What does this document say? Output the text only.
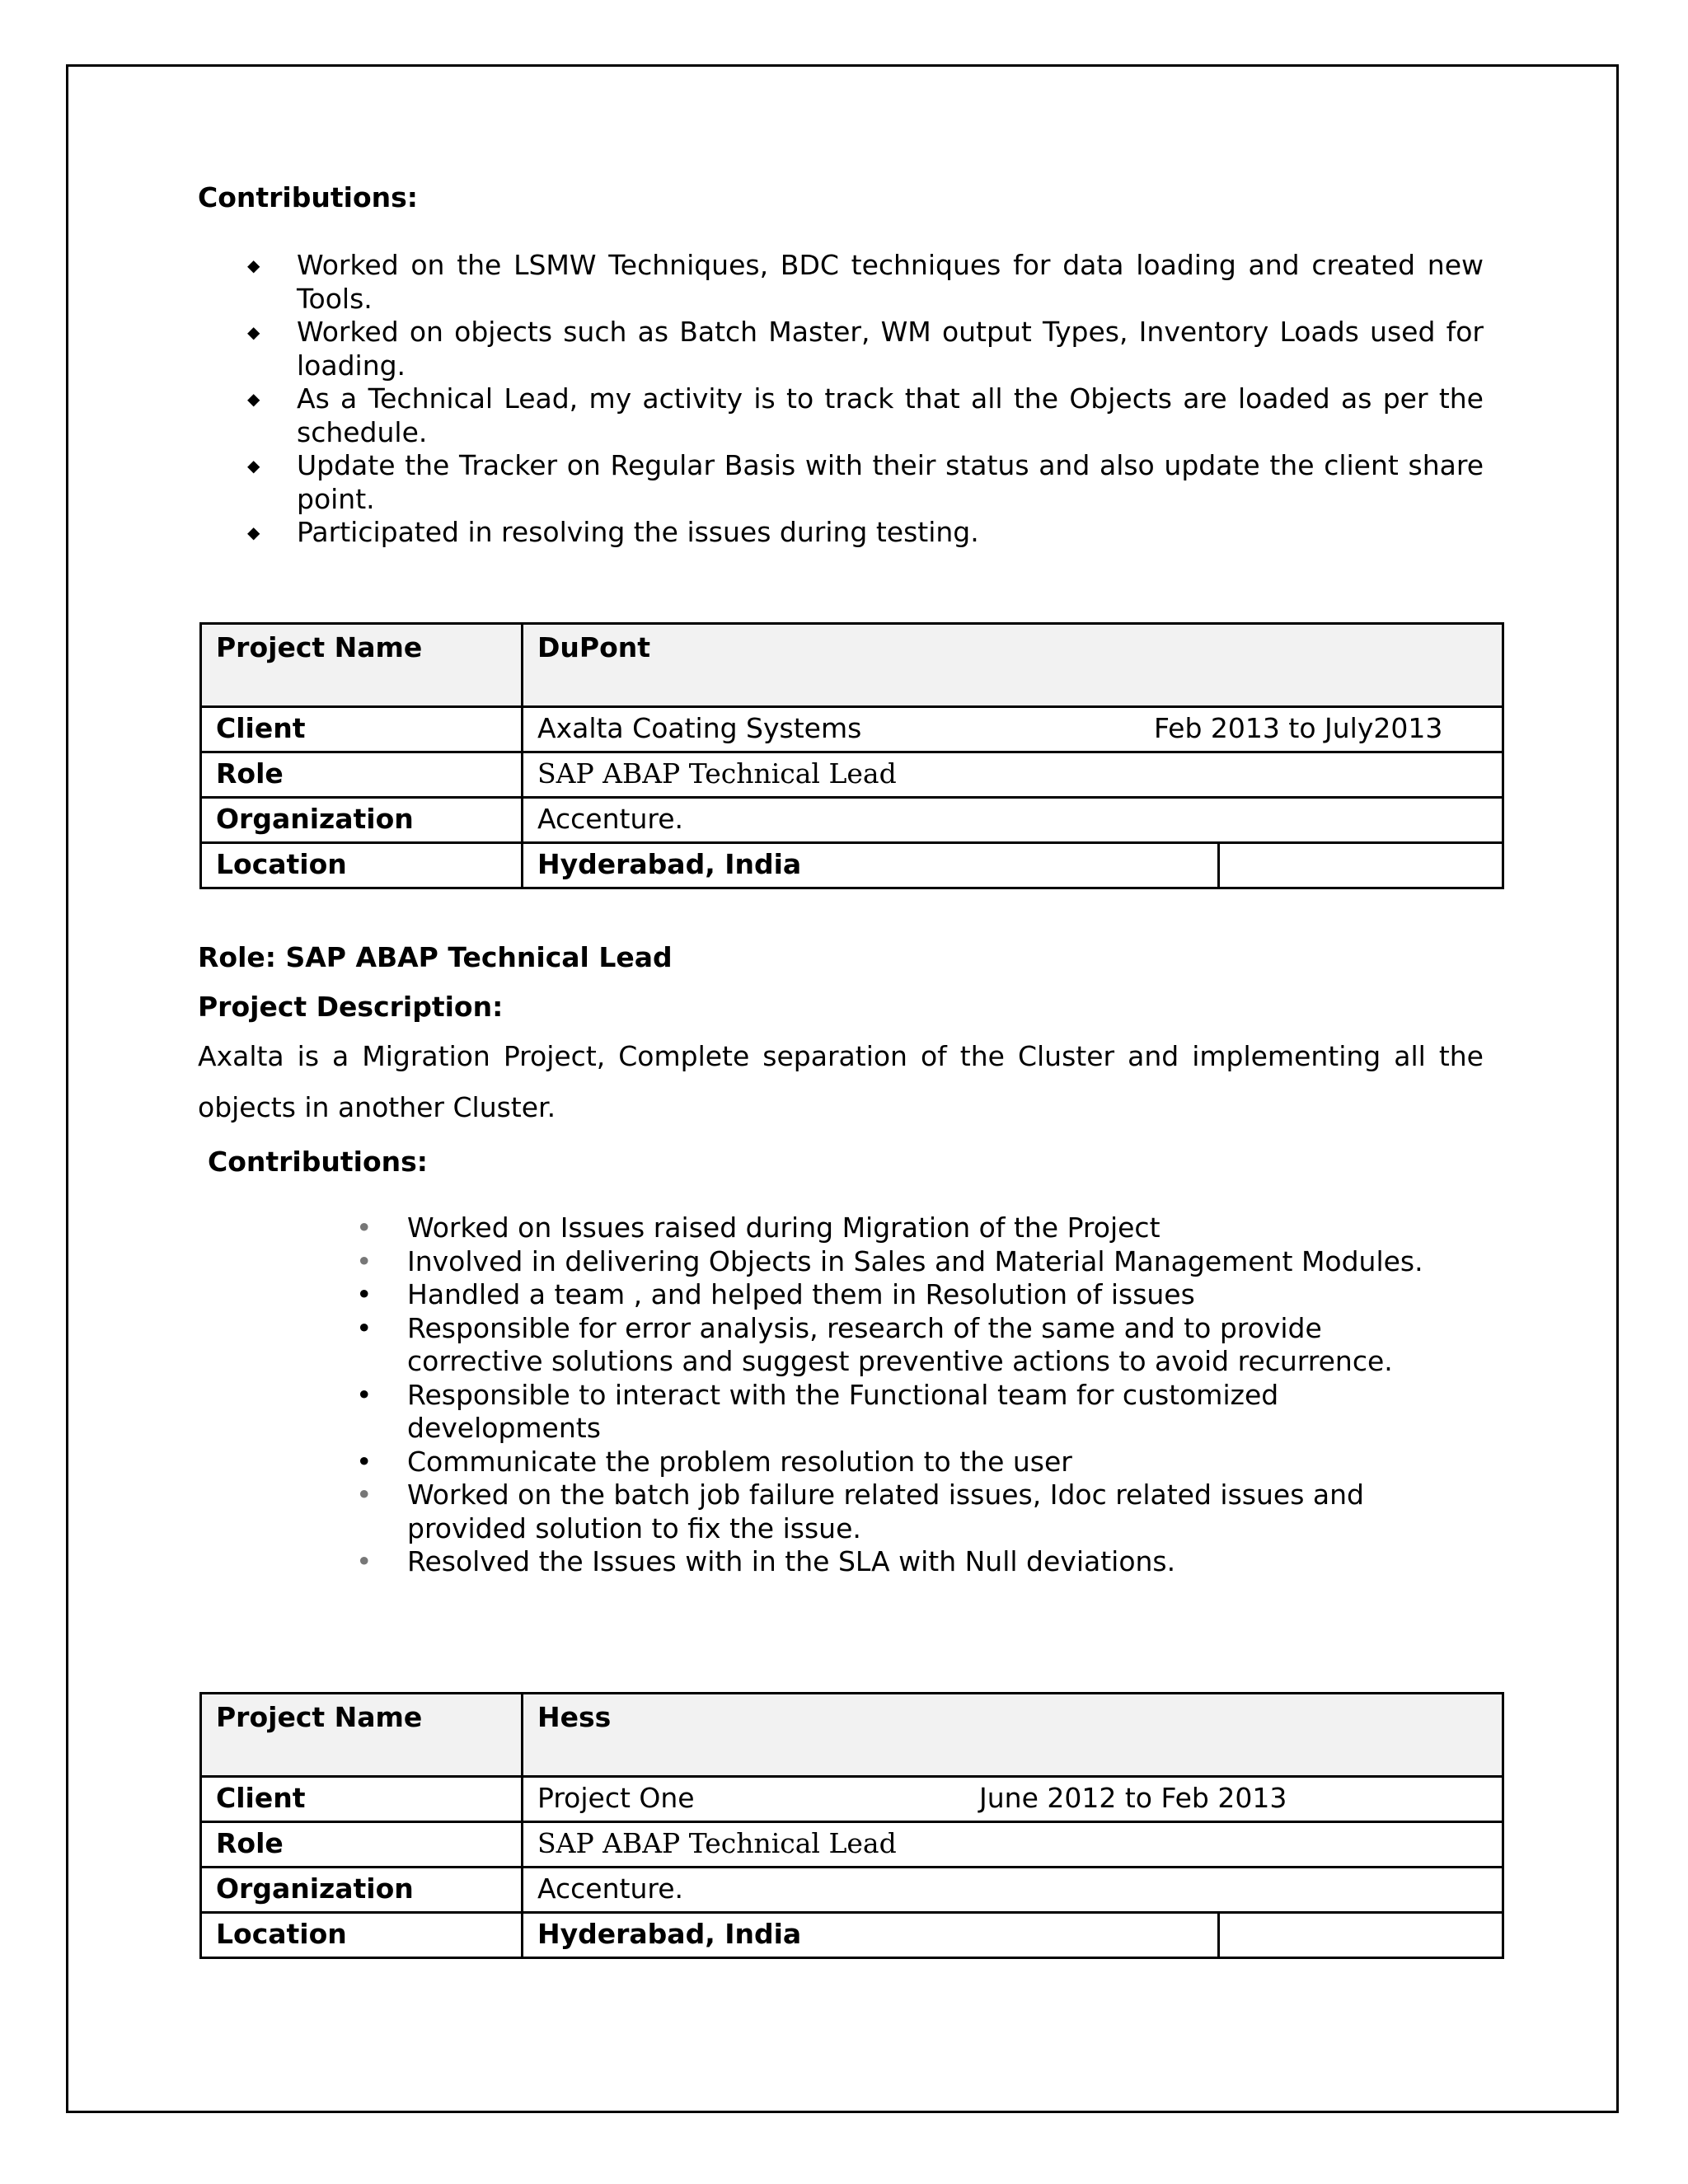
Contributions:
◆ Worked on the LSMW Techniques, BDC techniques for data loading and created new Tools.
◆ Worked on objects such as Batch Master, WM output Types, Inventory Loads used for loading.
◆ As a Technical Lead, my activity is to track that all the Objects are loaded as per the schedule.
◆ Update the Tracker on Regular Basis with their status and also update the client share point.
◆ Participated in resolving the issues during testing.
Project Name	DuPont	
Client	Axalta Coating Systems Feb 2013 to July2013	

Role	SAP ABAP Technical Lead	
Organization	Accenture.	
Location	Hyderabad, India	
Role: SAP ABAP Technical Lead
Project Description:
Axalta is a Migration Project, Complete separation of the Cluster and implementing all the
objects in another Cluster.
Contributions:
• Worked on Issues raised during Migration of the Project
• Involved in delivering Objects in Sales and Material Management Modules.
• Handled a team , and helped them in Resolution of issues
• Responsible for error analysis, research of the same and to provide corrective solutions and suggest preventive actions to avoid recurrence.
• Responsible to interact with the Functional team for customized developments
• Communicate the problem resolution to the user
• Worked on the batch job failure related issues, Idoc related issues and provided solution to fix the issue.
• Resolved the Issues with in the SLA with Null deviations.
Project Name	Hess	
Client	Project One June 2012 to Feb 2013	

Role	SAP ABAP Technical Lead	
Organization	Accenture.	
Location	Hyderabad, India	
